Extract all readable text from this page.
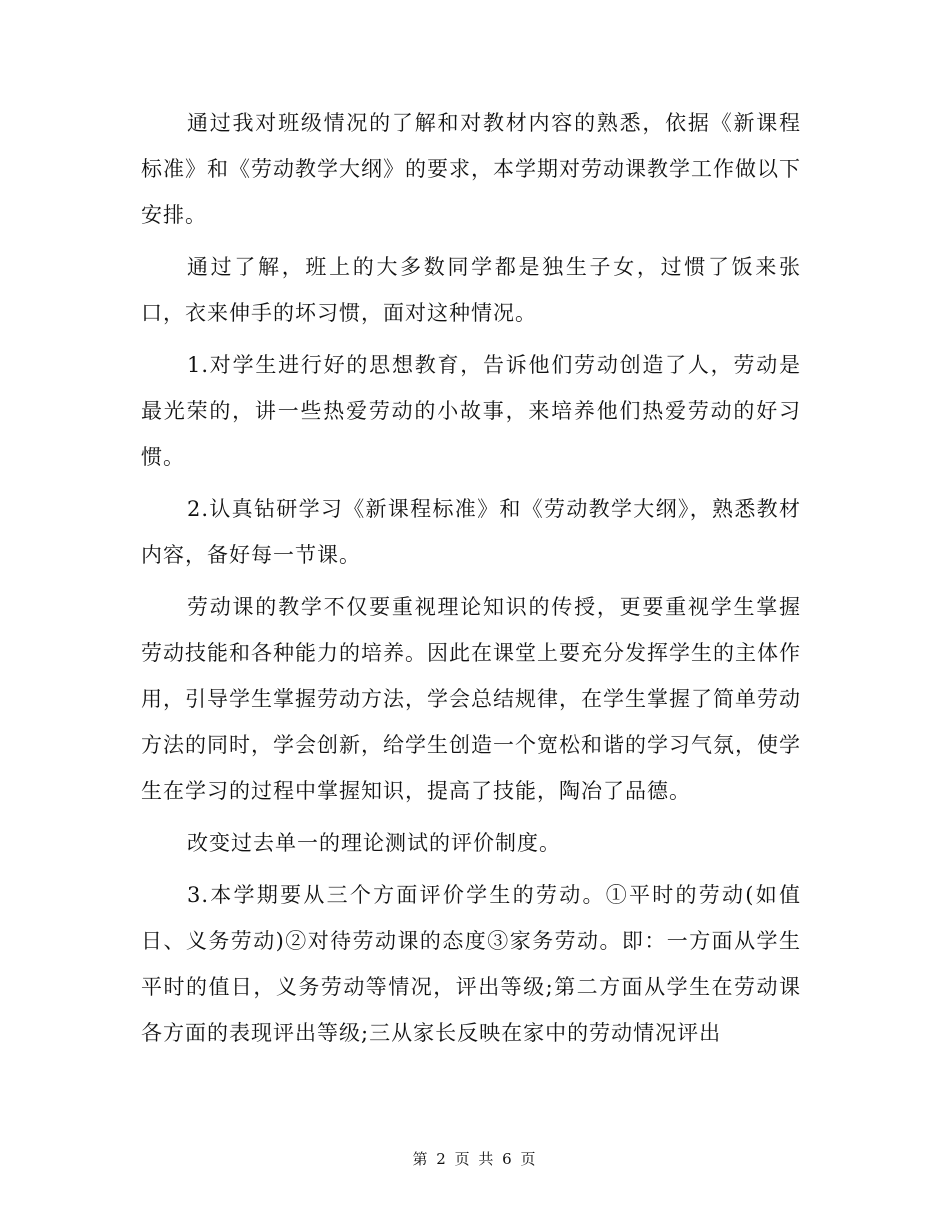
通过我对班级情况的了解和对教材内容的熟悉，依据《新课程标准》和《劳动教学大纲》的要求，本学期对劳动课教学工作做以下安排。

通过了解，班上的大多数同学都是独生子女，过惯了饭来张口，衣来伸手的坏习惯，面对这种情况。

1.对学生进行好的思想教育，告诉他们劳动创造了人，劳动是最光荣的，讲一些热爱劳动的小故事，来培养他们热爱劳动的好习惯。

2.认真钻研学习《新课程标准》和《劳动教学大纲》，熟悉教材内容，备好每一节课。

劳动课的教学不仅要重视理论知识的传授，更要重视学生掌握劳动技能和各种能力的培养。因此在课堂上要充分发挥学生的主体作用，引导学生掌握劳动方法，学会总结规律，在学生掌握了简单劳动方法的同时，学会创新，给学生创造一个宽松和谐的学习气氛，使学生在学习的过程中掌握知识，提高了技能，陶冶了品德。

改变过去单一的理论测试的评价制度。

3.本学期要从三个方面评价学生的劳动。①平时的劳动(如值日、义务劳动)②对待劳动课的态度③家务劳动。即：一方面从学生平时的值日，义务劳动等情况，评出等级;第二方面从学生在劳动课各方面的表现评出等级;三从家长反映在家中的劳动情况评出

第 2 页 共 6 页
